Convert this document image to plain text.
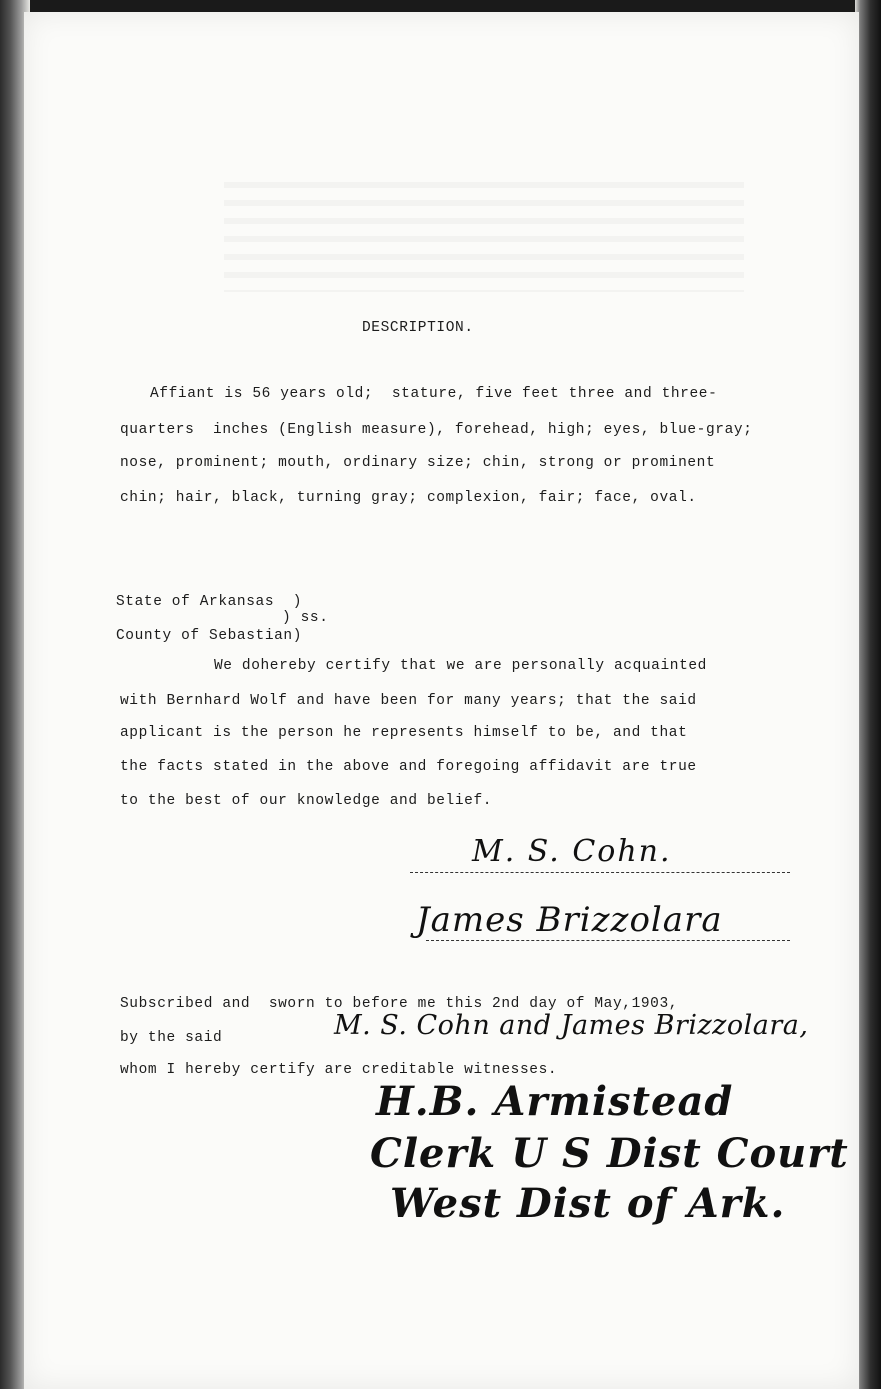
DESCRIPTION.

Affiant is 56 years old;  stature, five feet three and three-

quarters  inches (English measure), forehead, high; eyes, blue-gray;

nose, prominent; mouth, ordinary size; chin, strong or prominent

chin; hair, black, turning gray; complexion, fair; face, oval.

State of Arkansas  )

) ss.

County of Sebastian)

We dohereby certify that we are personally acquainted

with Bernhard Wolf and have been for many years; that the said

applicant is the person he represents himself to be, and that

the facts stated in the above and foregoing affidavit are true

to the best of our knowledge and belief.

M. S. Cohn.

James Brizzolara

Subscribed and  sworn to before me this 2nd day of May,1903,

by the said	M. S. Cohn and James Brizzolara,

whom I hereby certify are creditable witnesses.

H.B. Armistead

Clerk U S Dist Court

West Dist of Ark.
